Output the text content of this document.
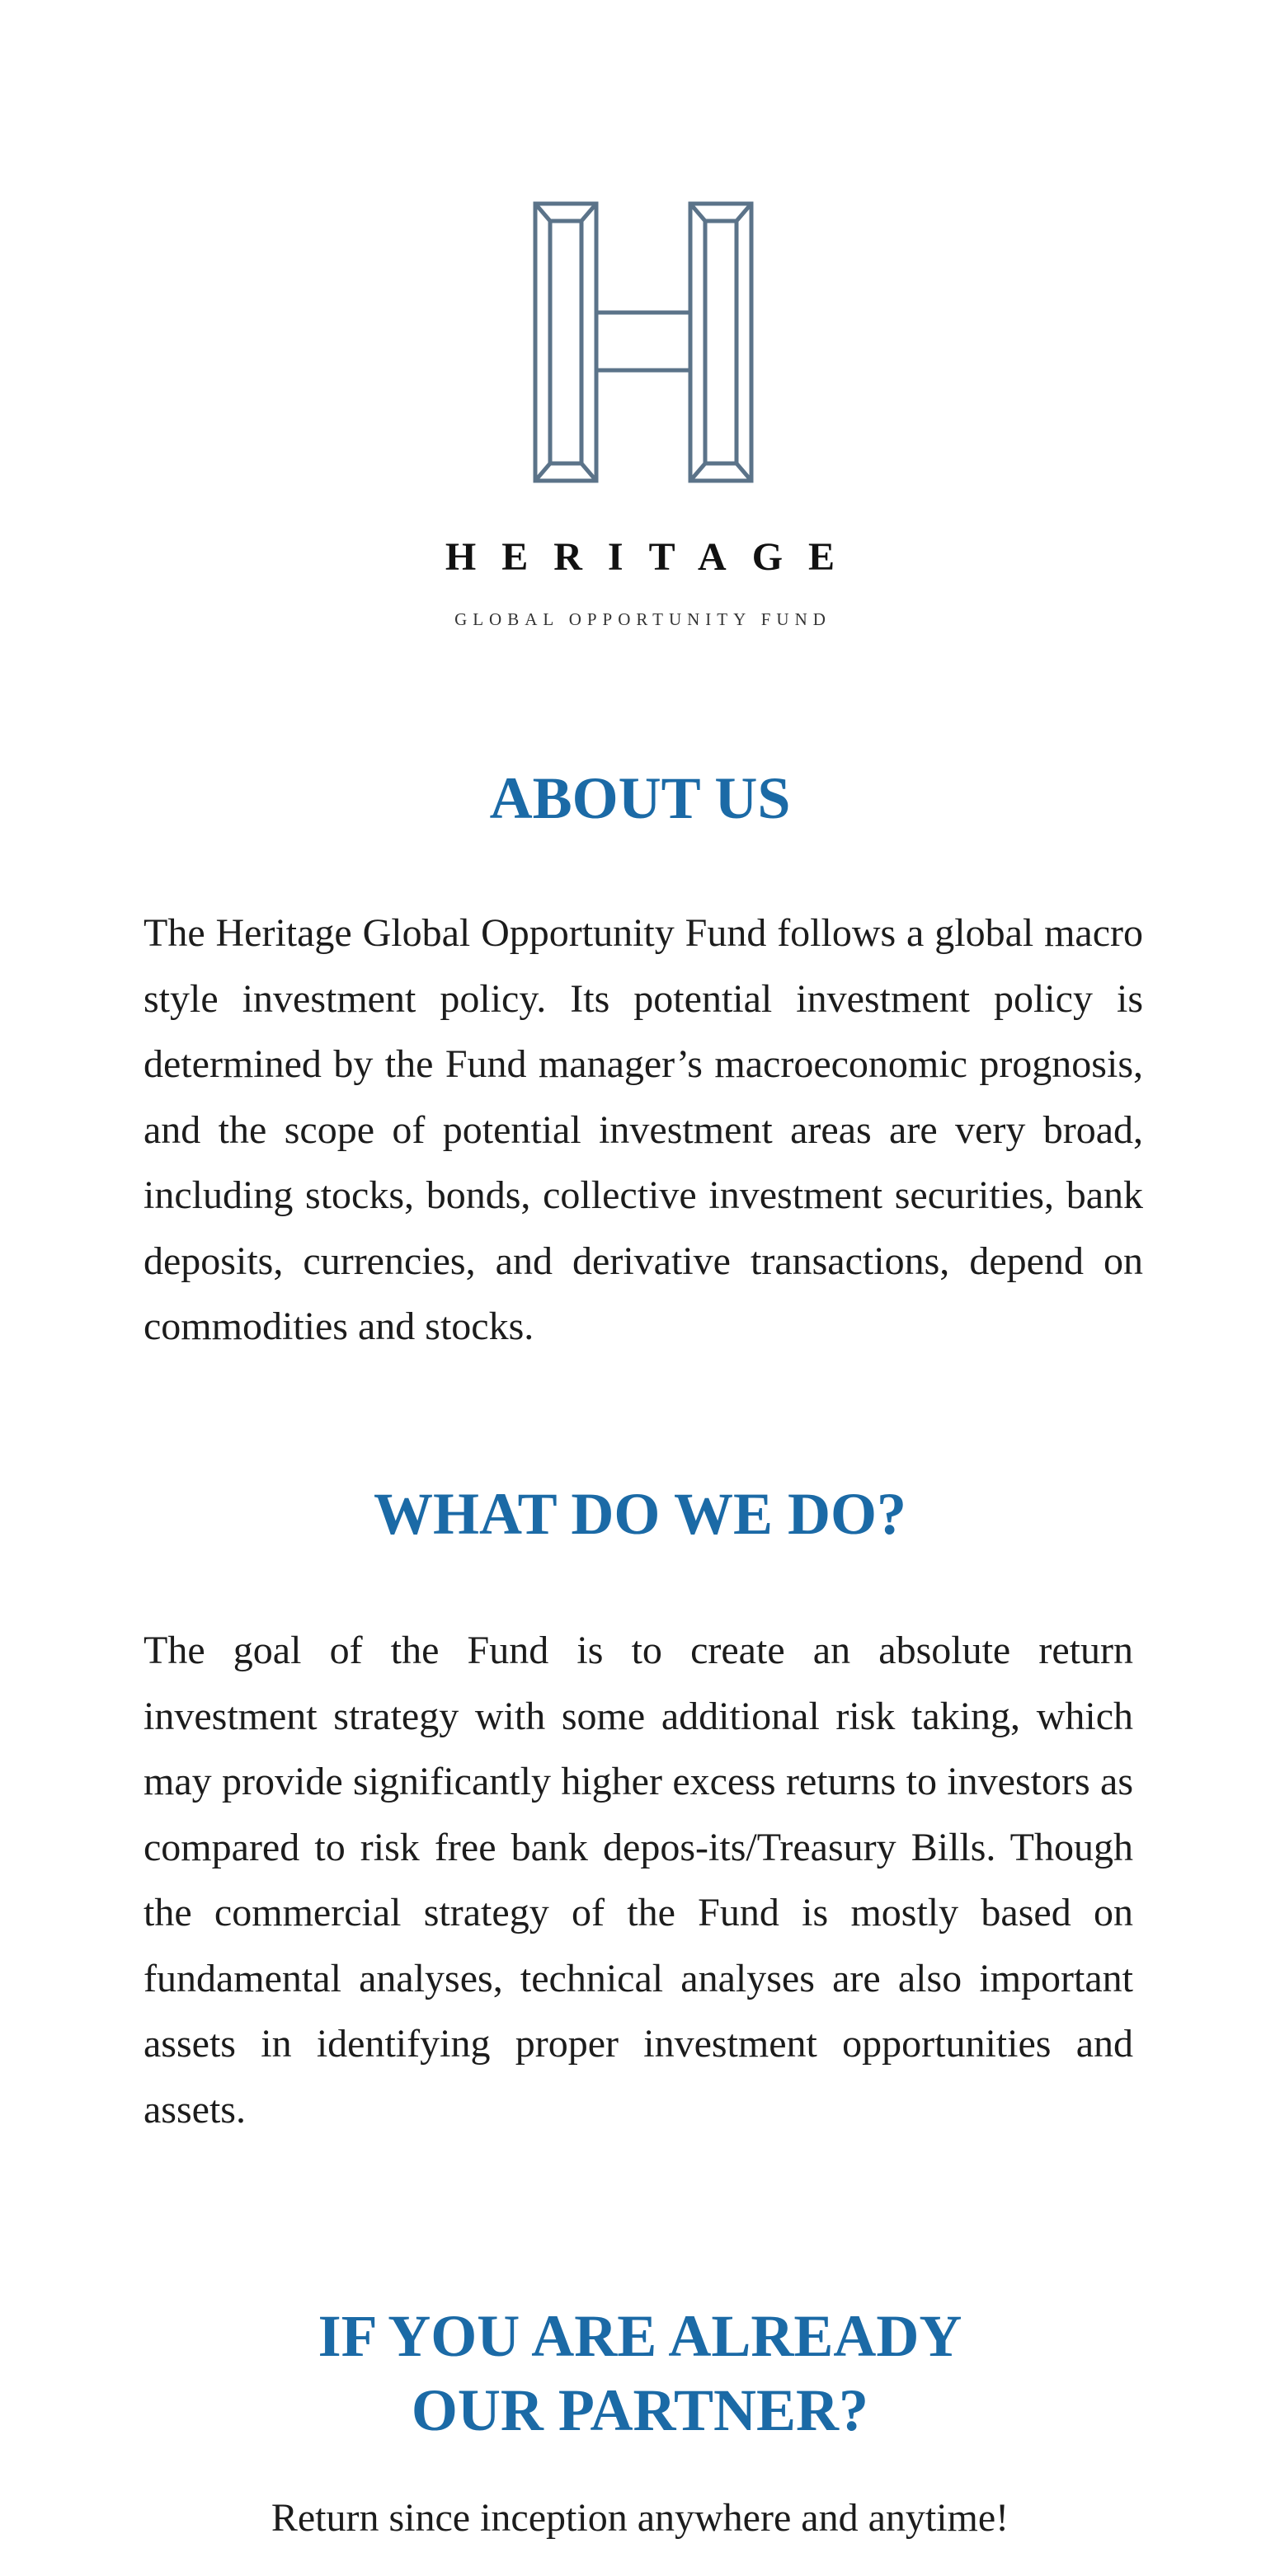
HERITAGE
GLOBAL OPPORTUNITY FUND
ABOUT US

The Heritage Global Opportunity Fund follows a global macro style investment policy. Its potential investment policy is determined by the Fund manager’s macroeconomic prognosis, and the scope of potential investment areas are very broad, including stocks, bonds, collective investment securities, bank deposits, currencies, and derivative transactions, depend on commodities and stocks.

WHAT DO WE DO?

The goal of the Fund is to create an absolute return investment strategy with some additional risk taking, which may provide significantly higher excess returns to investors as compared to risk free bank depos-its/Treasury Bills. Though the commercial strategy of the Fund is mostly based on fundamental analyses, technical analyses are also important assets in identifying proper investment opportunities and assets.

IF YOU ARE ALREADY
OUR PARTNER?
Return since inception anywhere and anytime!
